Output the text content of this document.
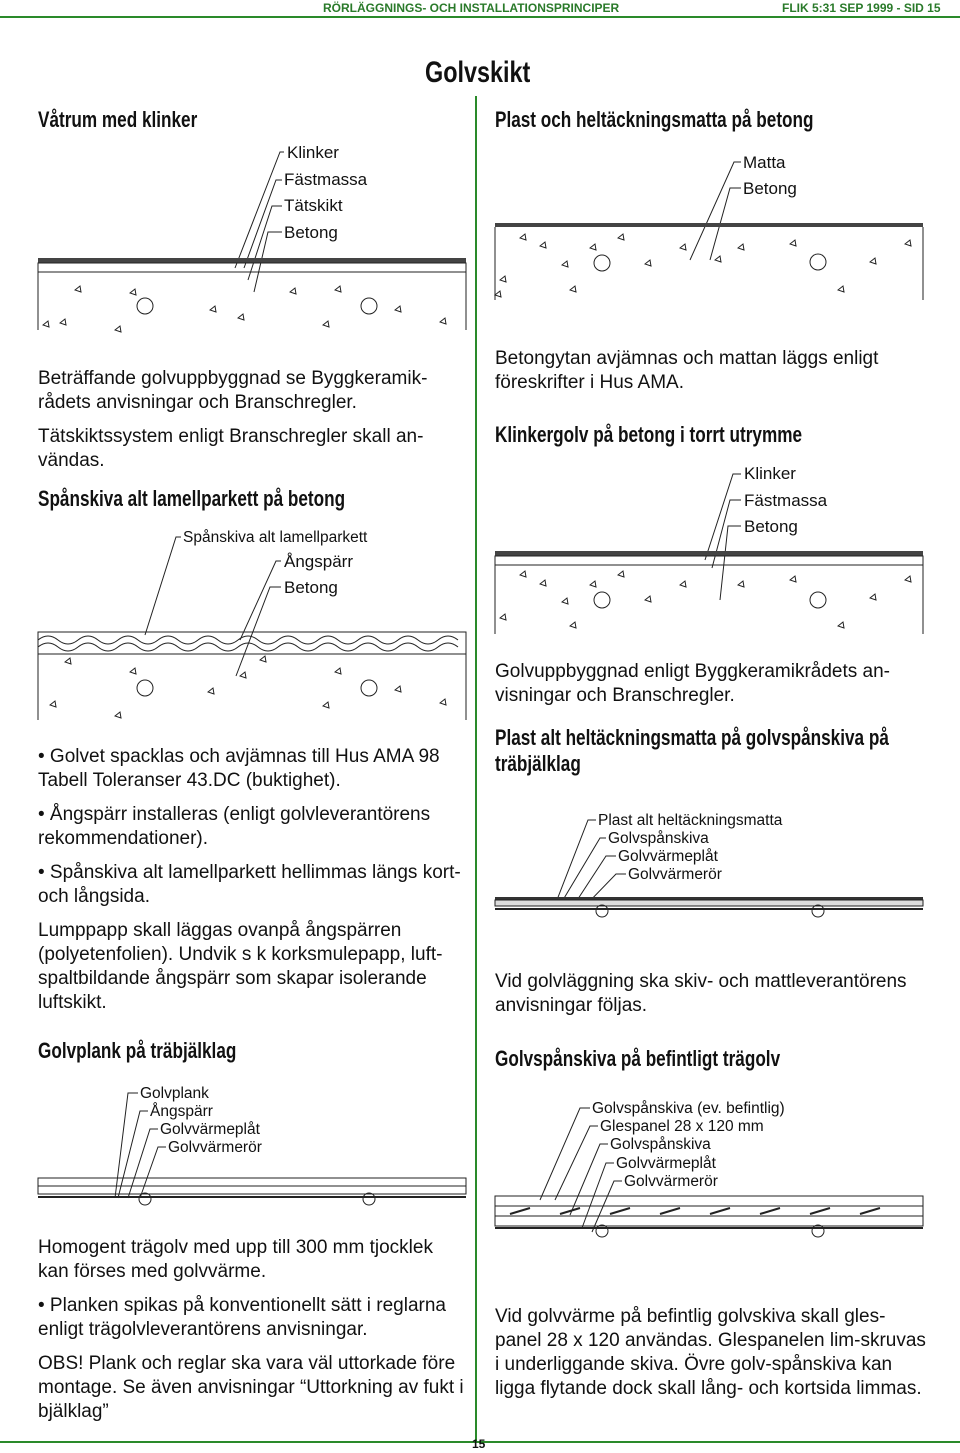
RÖRLÄGGNINGS- OCH INSTALLATIONSPRINCIPER	FLIK 5:31 SEP 1999 - SID 15
15
Golvskikt
Våtrum med klinker
Klinker
Fästmassa
Tätskikt
Betong

Beträffande golvuppbyggnad se Byggkeramik-rådets anvisningar och Branschregler.

Tätskiktssystem enligt Branschregler skall an-vändas.

Spånskiva alt lamellparkett på betong
Spånskiva alt lamellparkett
Ångspärr
Betong

• Golvet spacklas och avjämnas till Hus AMA 98 Tabell Toleranser 43.DC (buktighet).

• Ångspärr installeras (enligt golvleverantörens rekommendationer).

• Spånskiva alt lamellparkett hellimmas längs kort- och långsida.

Lumppapp skall läggas ovanpå ångspärren (polyetenfolien). Undvik s k korksmulepapp, luft-spaltbildande ångspärr som skapar isolerande luftskikt.

Golvplank på träbjälklag
Golvplank
Ångspärr
Golvvärmeplåt
Golvvärmerör

Homogent trägolv med upp till 300 mm tjocklek kan förses med golvvärme.

• Planken spikas på konventionellt sätt i reglarna enligt trägolvleverantörens anvisningar.

OBS! Plank och reglar ska vara väl uttorkade före montage. Se även anvisningar “Uttorkning av fukt i bjälklag”

Plast och heltäckningsmatta på betong
Matta
Betong

Betongytan avjämnas och mattan läggs enligt föreskrifter i Hus AMA.

Klinkergolv på betong i torrt utrymme
Klinker
Fästmassa
Betong

Golvuppbyggnad enligt Byggkeramikrådets an-visningar och Branschregler.

Plast alt heltäckningsmatta på golvspånskiva på träbjälklag
Plast alt heltäckningsmatta
Golvspånskiva
Golvvärmeplåt
Golvvärmerör

Vid golvläggning ska skiv- och mattleverantörens anvisningar följas.

Golvspånskiva på befintligt trägolv
Golvspånskiva (ev. befintlig)
Glespanel 28 x 120 mm
Golvspånskiva
Golvvärmeplåt
Golvvärmerör

Vid golvvärme på befintlig golvskiva skall gles-panel 28 x 120 användas. Glespanelen lim-skruvas i underliggande skiva. Övre golv-spånskiva kan ligga flytande dock skall lång- och kortsida limmas.
